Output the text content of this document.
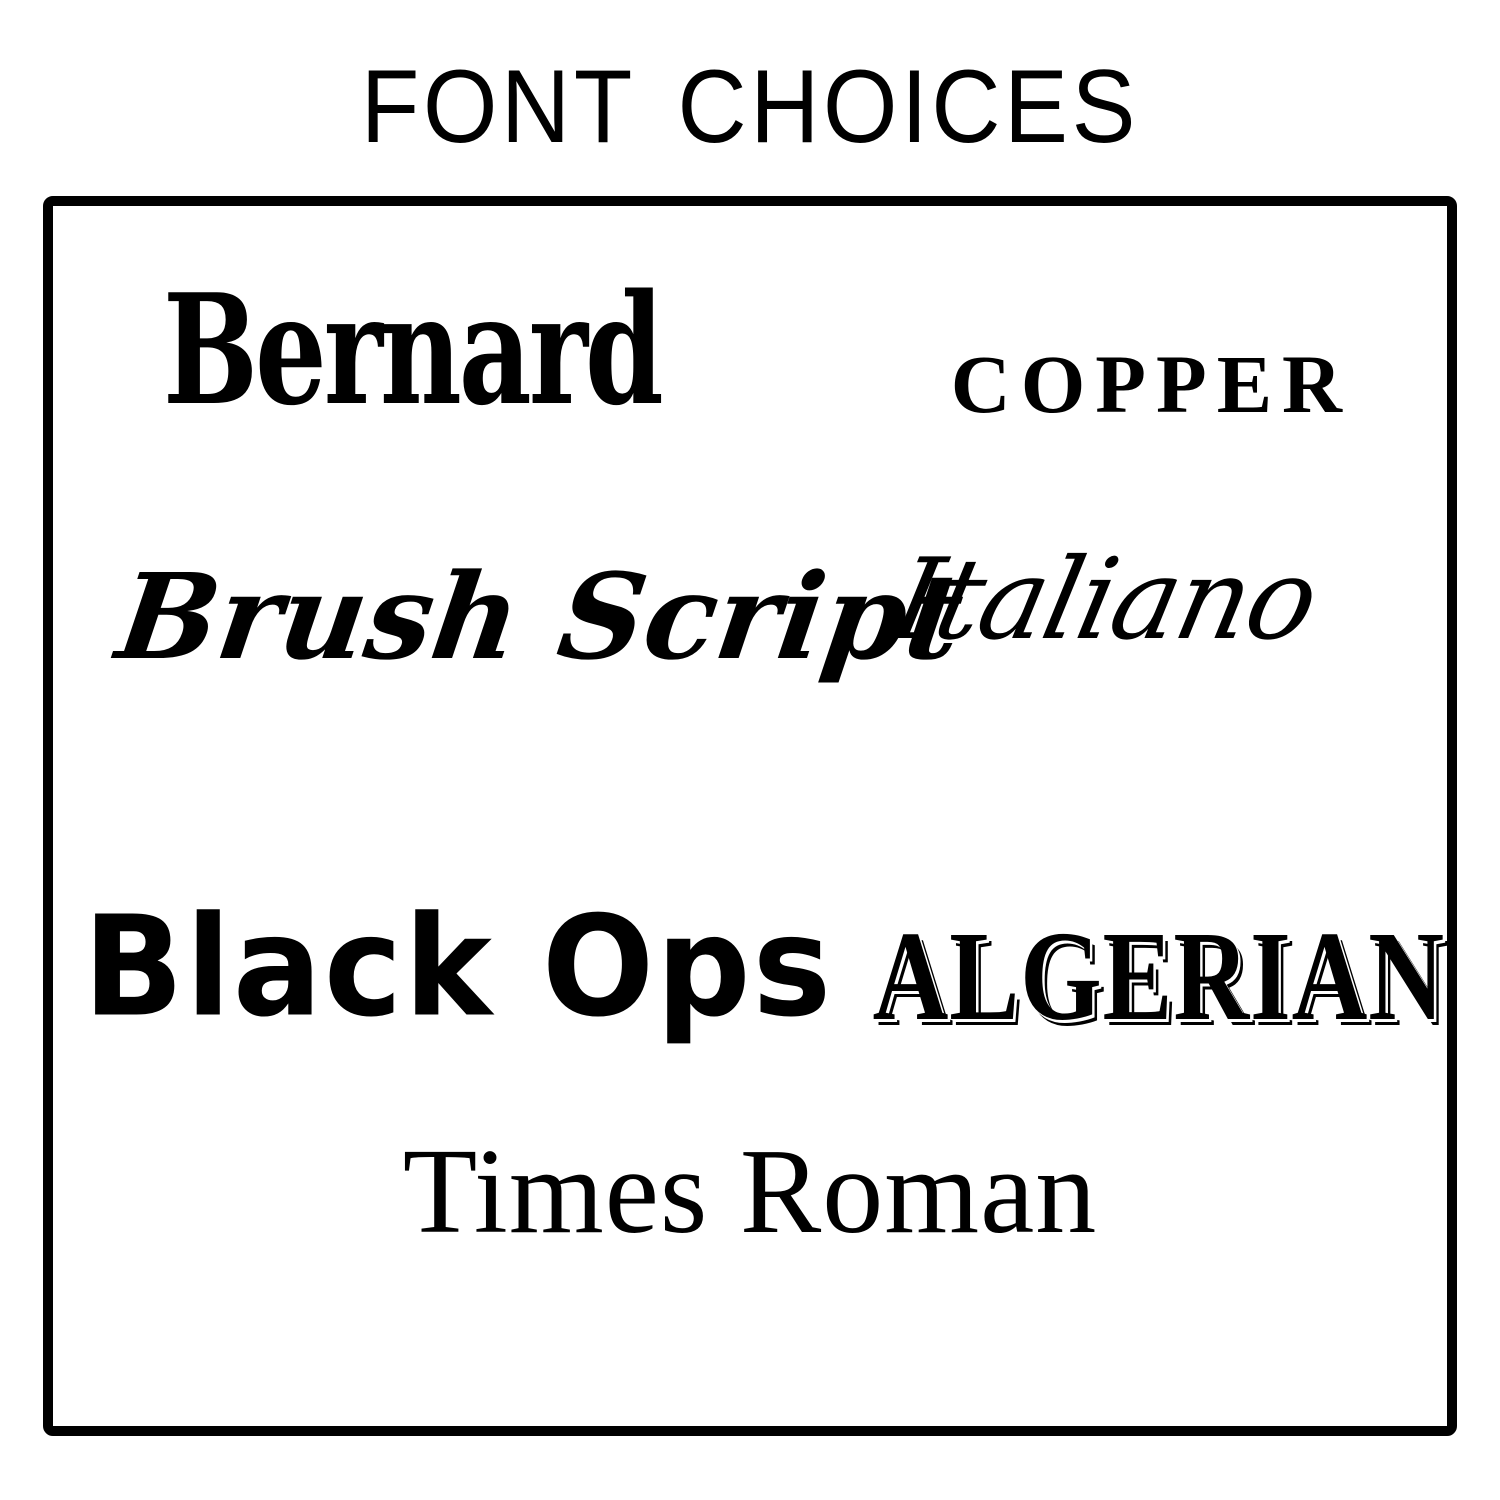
font choices
Bernard copper
Brush Script
Italiano
Black Ops ALGERIAN
Times Roman
